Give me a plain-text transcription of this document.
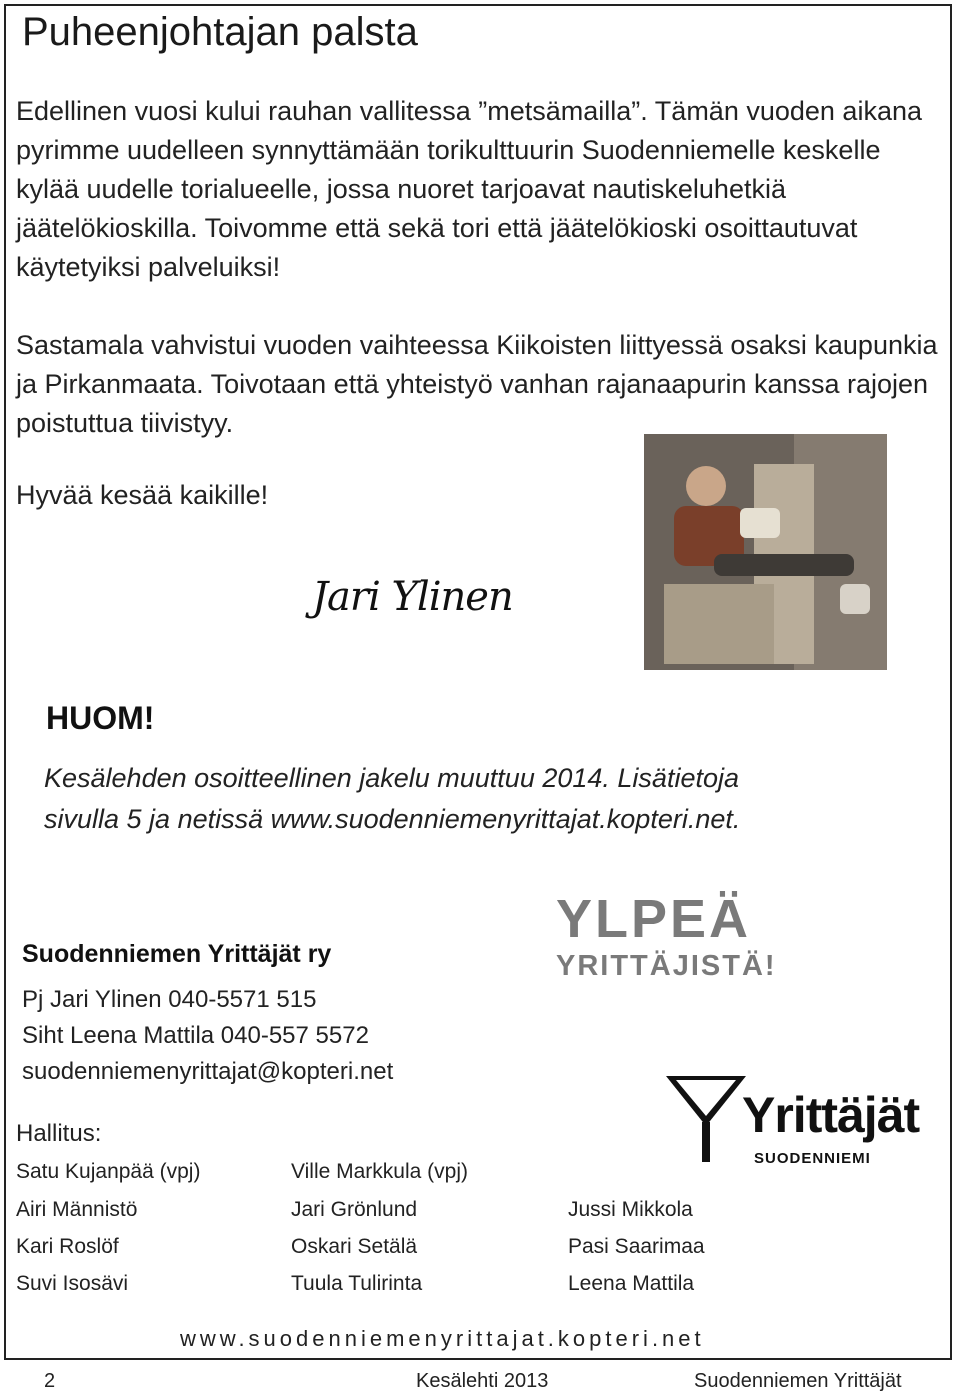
Puheenjohtajan palsta
Edellinen vuosi kului rauhan vallitessa ”metsämailla”. Tämän vuoden aikana pyrimme uudelleen synnyttämään torikulttuurin Suodenniemelle keskelle kylää uudelle torialueelle, jossa nuoret tarjoavat nautiskeluhetkiä jäätelökioskilla. Toivomme että sekä tori että jäätelökioski osoittautuvat käytetyiksi palveluiksi!
Sastamala vahvistui vuoden vaihteessa Kiikoisten liittyessä osaksi kaupunkia ja Pirkanmaata. Toivotaan että yhteistyö vanhan rajanaapurin kanssa rajojen poistuttua tiivistyy.
Hyvää kesää kaikille!
Jari Ylinen
HUOM!
Kesälehden osoitteellinen jakelu muuttuu 2014. Lisätietoja sivulla 5 ja netissä www.suodenniemenyrittajat.kopteri.net.
YLPEÄ
YRITTÄJISTÄ!
Suodenniemen Yrittäjät ry
Pj Jari Ylinen 040-5571 515
Siht Leena Mattila 040-557 5572
suodenniemenyrittajat@kopteri.net
Yrittäjät
SUODENNIEMI
Hallitus:
Satu Kujanpää (vpj)
Airi Männistö
Kari Roslöf
Suvi Isosävi
Ville Markkula (vpj)
Jari Grönlund
Oskari Setälä
Tuula Tulirinta
Jussi Mikkola
Pasi Saarimaa
Leena Mattila
www.suodenniemenyrittajat.kopteri.net
2	Kesälehti 2013	Suodenniemen Yrittäjät
